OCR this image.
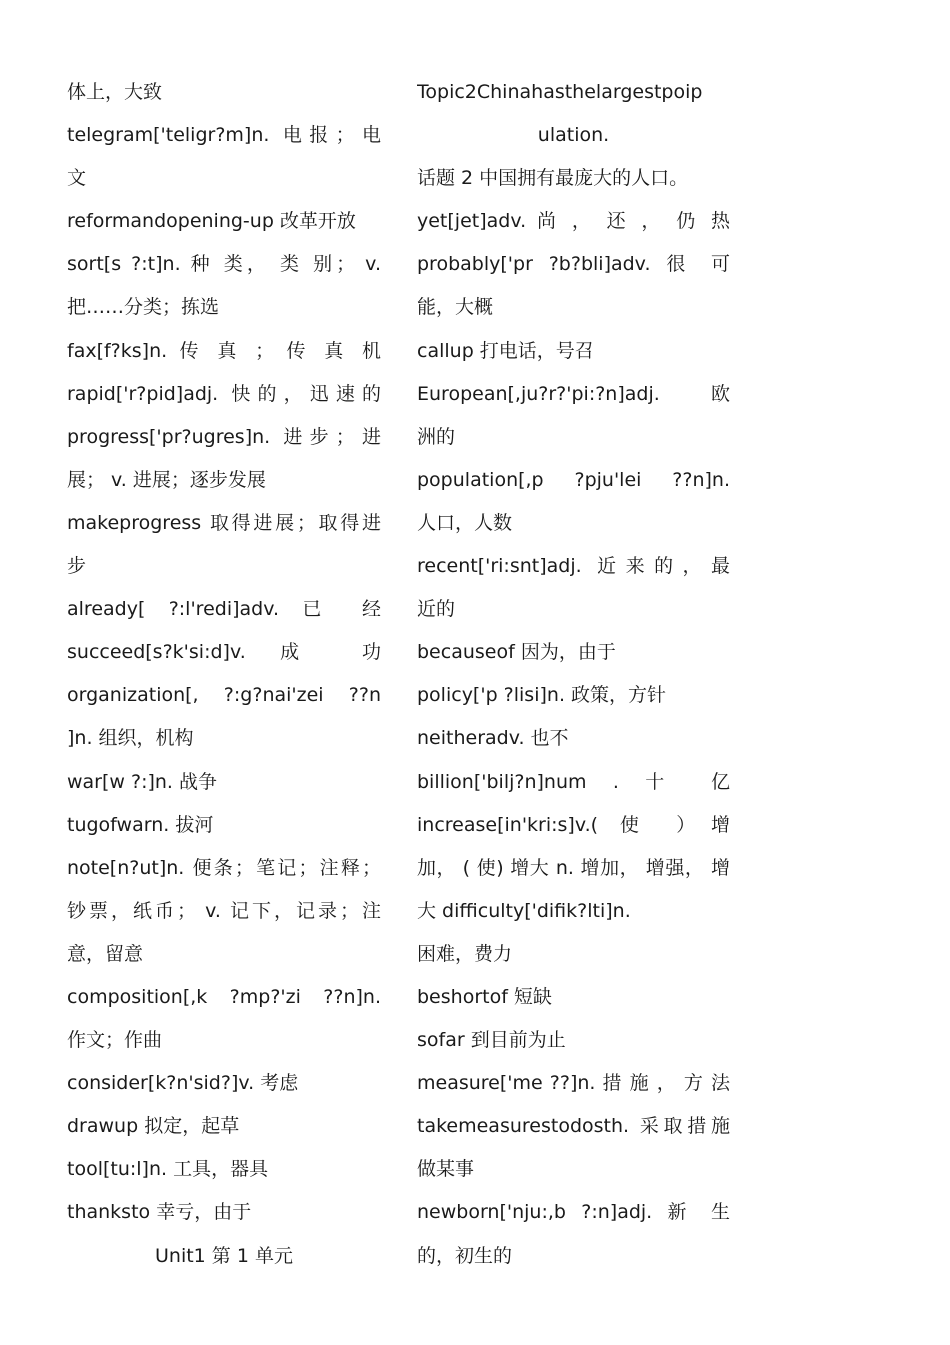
体上，大致
telegram['teligr?m]n. 电报；电
文
reformandopening-up 改革开放
sort[s ?:t]n. 种 类， 类 别； v.
把……分类；拣选
fax[f?ks]n. 传 真 ； 传 真 机
rapid['r?pid]adj. 快的，迅速的
progress['pr?ugres]n. 进步；进
展； v. 进展；逐步发展
makeprogress 取得进展；取得进
步
already[ ?:l'redi]adv. 已 经
succeed[s?k'si:d]v. 成 功
organization[, ?:g?nai'zei ??n
]n. 组织，机构
war[w ?:]n. 战争
tugofwarn. 拔河
note[n?ut]n. 便条；笔记；注释；
钞票，纸币； v. 记下，记录；注
意，留意
composition[,k ?mp?'zi ??n]n.
作文；作曲
consider[k?n'sid?]v. 考虑
drawup 拟定，起草
tool[tu:l]n. 工具，器具
thanksto 幸亏，由于
Unit1 第 1 单元
Topic2Chinahasthelargestpoip
ulation.
话题 2 中国拥有最庞大的人口。
yet[jet]adv. 尚 ， 还 ， 仍 热
probably['pr ?b?bli]adv. 很 可
能，大概
callup 打电话，号召
European[,ju?r?'pi:?n]adj. 欧
洲的
population[,p ?pju'lei ??n]n.
人口，人数
recent['ri:snt]adj. 近来的，最
近的
becauseof 因为，由于
policy['p ?lisi]n. 政策，方针
neitheradv. 也不
billion['bilj?n]num . 十 亿
increase[in'kri:s]v.( 使 ）增
加， ( 使) 增大 n. 增加， 增强， 增
大 difficulty['difik?lti]n.
困难，费力
beshortof 短缺
sofar 到目前为止
measure['me ??]n. 措 施 ， 方 法
takemeasurestodosth. 采取措施
做某事
newborn['nju:,b ?:n]adj. 新 生
的，初生的
